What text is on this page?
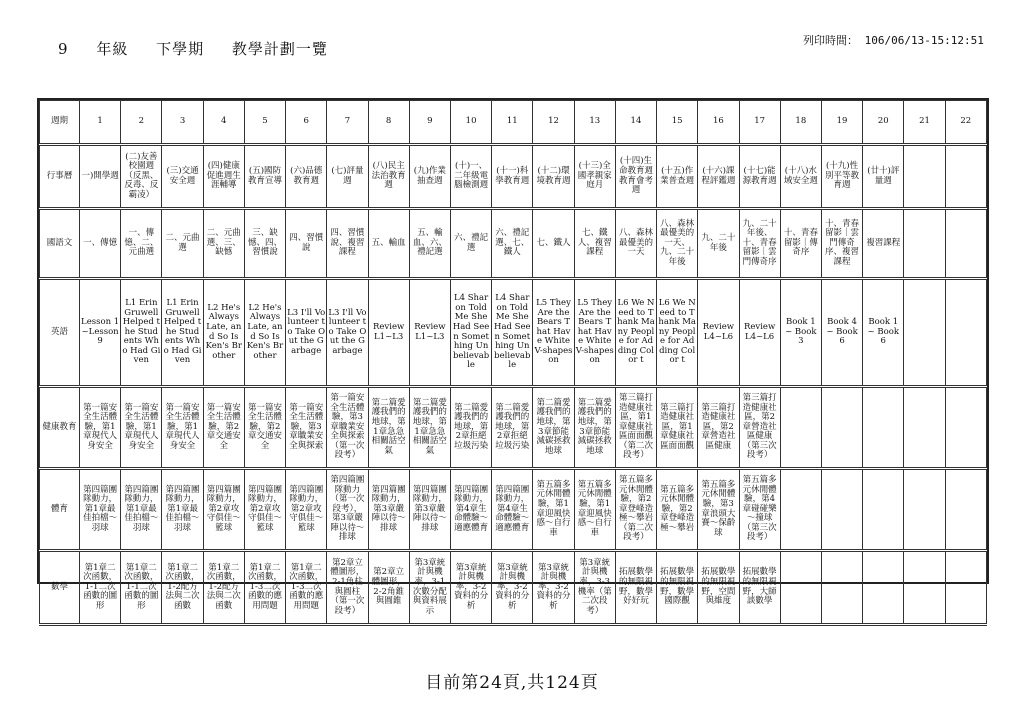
9 年級 下學期 教學計劃一覽	列印時間： 106/06/13-15:12:51
週期	1	2	3	4	5	6	7	8	9	10	11	12	13	14	15	16	17	18	19	20	21	22
行事曆	一)開學週	(二)友善校園週（反黑、反毒、反霸凌）	(三)交通安全週	(四)健康促進週生涯輔導	(五)國防教育宣導	(六)品德教育週	(七)評量週	(八)民主法治教育週	(九)作業抽查週	(十)一、二年級電腦檢測週	(十一)科學教育週	(十二)環境教育週	(十三)全國孝親家庭月	(十四)生命教育週教育會考週	(十五)作業普查週	(十六)課程評鑑週	(十七)能源教育週	(十八)水域安全週	(十九)性別平等教育週	(廿十)評量週		
國語文	一、傳憶	一、傳憶、二、元曲選	二、元曲選	二、元曲選、三、缺憾	三、缺憾、四、習慣說	四、習慣說	四、習慣說、複習課程	五、輸血	五、輸血、六、禮記選	六、禮記選	六、禮記選、七、鐵人	七、鐵人	七、鐵人、複習課程	八、森林最優美的一天	八、森林最優美的一天、九、二十年後	九、二十年後	九、二十年後、十、青春留影｜雲門傳奇序	十、青春留影｜傳奇序	十、青春留影｜雲門傳奇序、複習課程	複習課程		
英語	Lesson 1 ~Lesson 9	L1 Erin Gruwell Helped the Students Who Had Given	L1 Erin Gruwell Helped the Students Who Had Given	L2 He's Always Late, and So Is Ken's Brother	L2 He's Always Late, and So Is Ken's Brother	L3 I'll Volunteer to Take Out the Garbage	L3 I'll Volunteer to Take Out the Garbage	Review L1~L3	Review L1~L3	L4 Sharon Told Me She Had Seen Something Unbelievable	L4 Sharon Told Me She Had Seen Something Unbelievable	L5 They Are the Bears That Have White V-shapes on	L5 They Are the Bears That Have White V-shapes on	L6 We Need to Thank Many People for Adding Color t	L6 We Need to Thank Many People for Adding Color t	Review L4~L6	Review L4~L6	Book 1 ~ Book 3	Book 4 ~ Book 6	Book 1 ~ Book 6		
健康教育	第一篇安全生活體驗，第1章現代人身安全	第一篇安全生活體驗，第1章現代人身安全	第一篇安全生活體驗，第1章現代人身安全	第一篇安全生活體驗，第2章交通安全	第一篇安全生活體驗，第2章交通安全	第一篇安全生活體驗，第3章職業安全與探索	第一篇安全生活體驗，第3章職業安全與探索（第一次段考）	第二篇愛護我們的地球，第1章急急相關話空氣	第二篇愛護我們的地球，第1章急急相關話空氣	第二篇愛護我們的地球，第2章拒絕垃圾污染	第二篇愛護我們的地球，第2章拒絕垃圾污染	第二篇愛護我們的地球，第3章節能減碳拯救地球	第二篇愛護我們的地球，第3章節能減碳拯救地球	第三篇打造健康社區，第1章健康社區面面觀（第二次段考）	第三篇打造健康社區，第1章健康社區面面觀	第三篇打造健康社區，第2章營造社區健康	第三篇打造健康社區，第2章營造社區健康（第三次段考）					
體育	第四篇團隊動力，第1章最佳拍檔～羽球	第四篇團隊動力，第1章最佳拍檔～羽球	第四篇團隊動力，第1章最佳拍檔～羽球	第四篇團隊動力，第2章攻守俱佳～籃球	第四篇團隊動力，第2章攻守俱佳～籃球	第四篇團隊動力，第2章攻守俱佳～籃球	第四篇團隊動力（第一次段考），第3章嚴陣以待～排球	第四篇團隊動力，第3章嚴陣以待～排球	第四篇團隊動力，第3章嚴陣以待～排球	第四篇團隊動力，第4章生命體驗～適應體育	第四篇團隊動力，第4章生命體驗～適應體育	第五篇多元休閒體驗，第1章迎風快感～自行車	第五篇多元休閒體驗，第1章迎風快感～自行車	第五篇多元休閒體驗，第2章登峰造極～攀岩（第二次段考）	第五篇多元休閒體驗，第2章登峰造極～攀岩	第五篇多元休閒體驗，第3章浪頭大賽～保齡球	第五篇多元休閒體驗，第4章碰碰樂～撞球（第三次段考）					
數學	第1章二次函數，1-1二次函數的圖形	第1章二次函數，1-1二次函數的圖形	第1章二次函數，1-2配方法與二次函數	第1章二次函數，1-2配方法與二次函數	第1章二次函數，1-3二次函數的應用問題	第1章二次函數，1-3二次函數的應用問題	第2章立體圖形，2-1角柱與圓柱（第一次段考）	第2章立體圖形，2-2角錐與圓錐	第3章統計與機率，3-1次數分配與資料展示	第3章統計與機率，3-2資料的分析	第3章統計與機率，3-2資料的分析	第3章統計與機率，3-2資料的分析	第3章統計與機率，3-3機率（第二次段考）	拓展數學的無限視野，數學好好玩	拓展數學的無限視野，數學國際觀	拓展數學的無限視野，空間與維度	拓展數學的無限視野，大師談數學					
目前第24頁,共124頁
